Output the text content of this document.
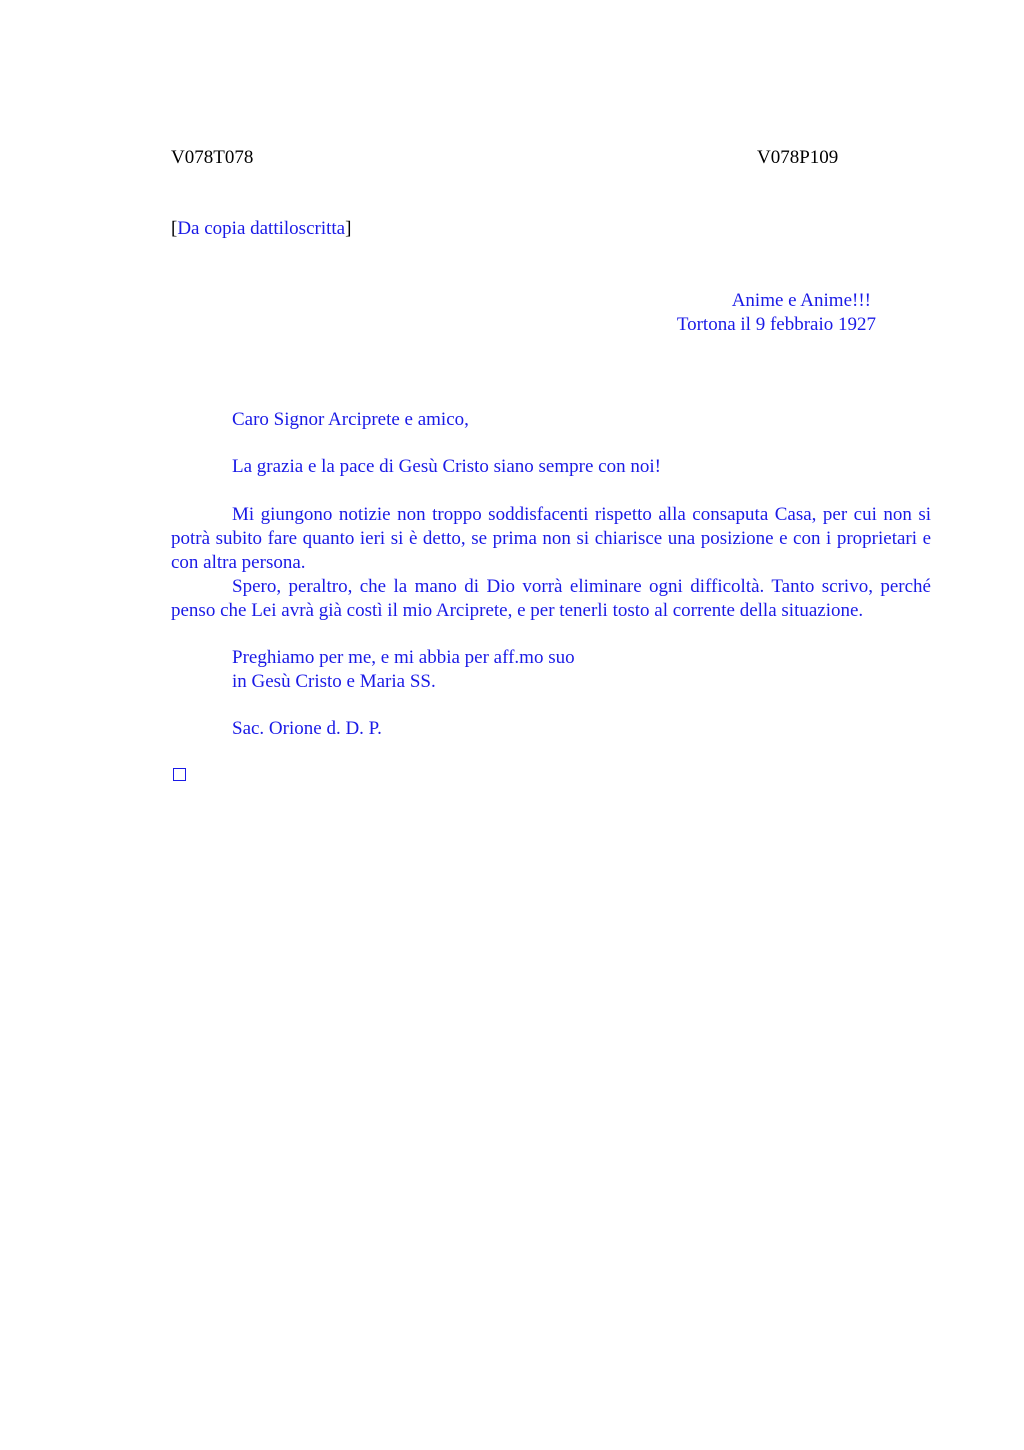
V078T078	V078P109
[Da copia dattiloscritta]
Anime e Anime!!!
Tortona il 9 febbraio 1927
Caro Signor Arciprete e amico,
La grazia e la pace di Gesù Cristo siano sempre con noi!

Mi giungono notizie non troppo soddisfacenti rispetto alla consaputa Casa, per cui non si potrà subito fare quanto ieri si è detto, se prima non si chiarisce una posizione e con i proprietari e con altra persona.

Spero, peraltro, che la mano di Dio vorrà eliminare ogni difficoltà. Tanto scrivo, perché penso che Lei avrà già costì il mio Arciprete, e per tenerli tosto al corrente della situazione.

Preghiamo per me, e mi abbia per aff.mo suo
in Gesù Cristo e Maria SS.
Sac. Orione d. D. P.
